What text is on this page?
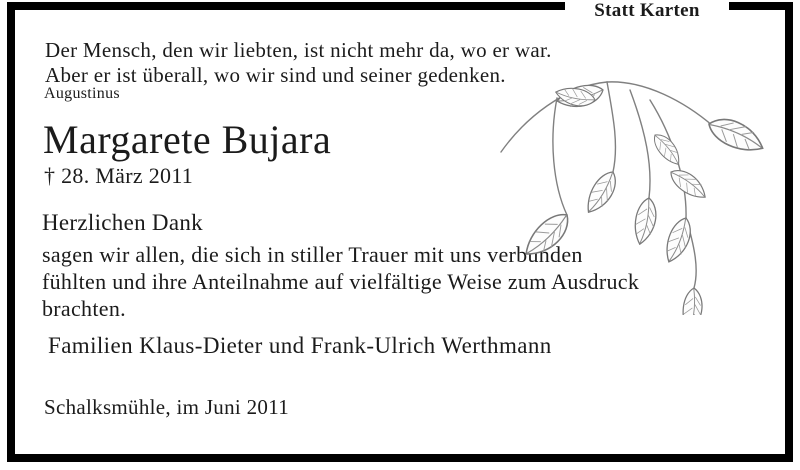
Statt Karten
Der Mensch, den wir liebten, ist nicht mehr da, wo er war.
Aber er ist überall, wo wir sind und seiner gedenken.
Augustinus
Margarete Bujara
† 28. März 2011
Herzlichen Dank
sagen wir allen, die sich in stiller Trauer mit uns verbunden
fühlten und ihre Anteilnahme auf vielfältige Weise zum Ausdruck
brachten.
Familien Klaus-Dieter und Frank-Ulrich Werthmann
Schalksmühle, im Juni 2011
